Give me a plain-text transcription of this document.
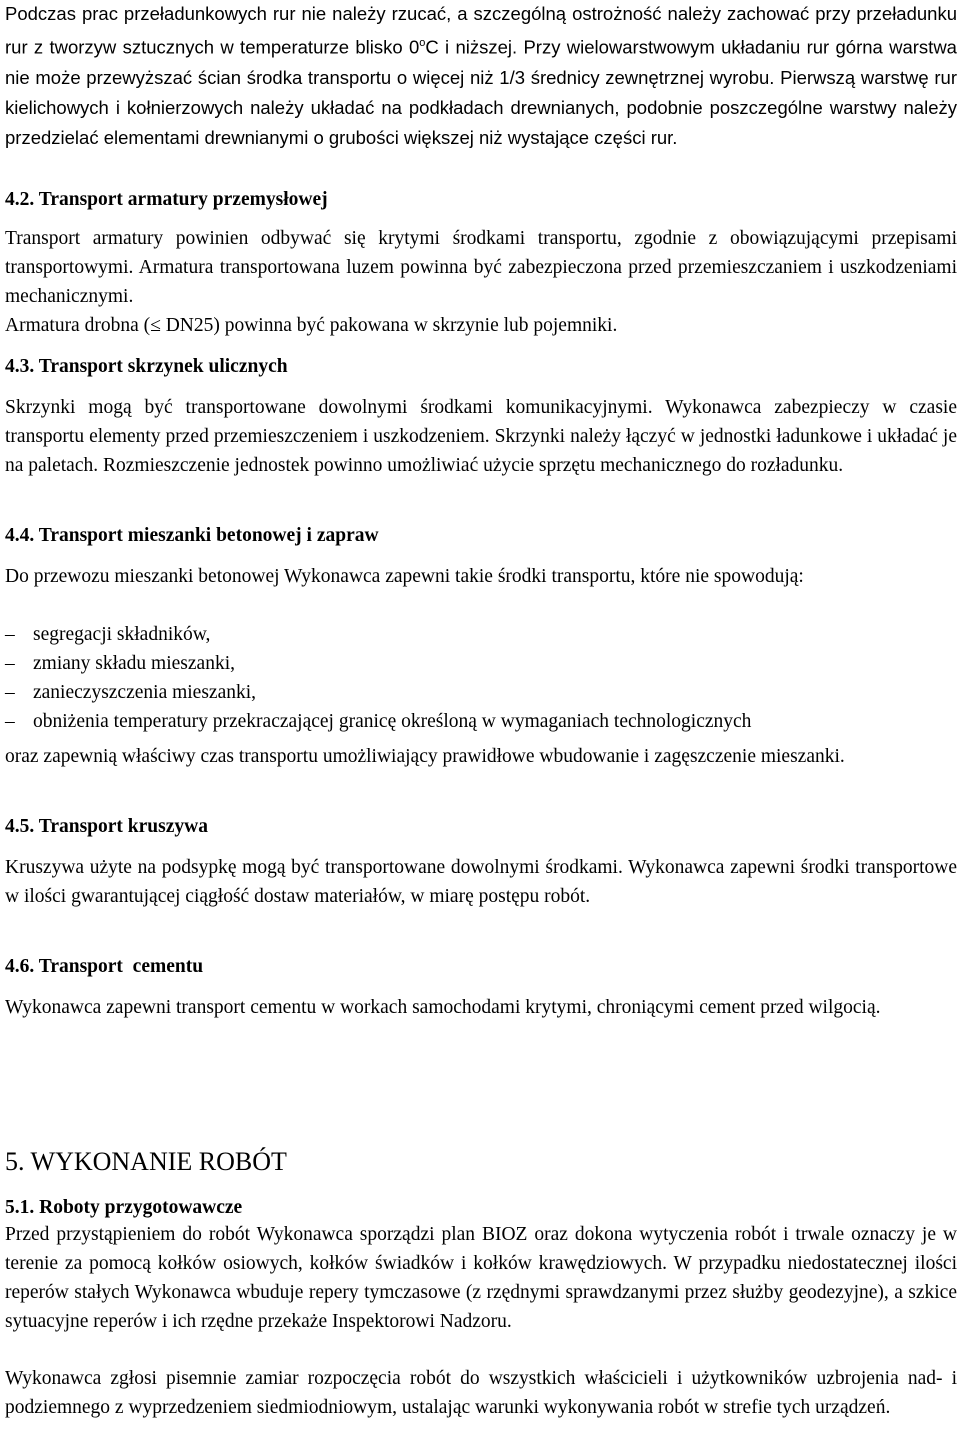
Podczas prac przeładunkowych rur nie należy rzucać, a szczególną ostrożność należy zachować przy przeładunku rur z tworzyw sztucznych w temperaturze blisko 0$^o$C i niższej. Przy wielowarstwowym układaniu rur górna warstwa nie może przewyższać ścian środka transportu o więcej niż 1/3 średnicy zewnętrznej wyrobu. Pierwszą warstwę rur kielichowych i kołnierzowych należy układać na podkładach drewnianych, podobnie poszczególne warstwy należy przedzielać elementami drewnianymi o grubości większej niż wystające części rur.

4.2. Transport armatury przemysłowej

Transport armatury powinien odbywać się krytymi środkami transportu, zgodnie z obowiązującymi przepisami transportowymi. Armatura transportowana luzem powinna być zabezpieczona przed przemieszczaniem i uszkodzeniami mechanicznymi.
Armatura drobna (≤ DN25) powinna być pakowana w skrzynie lub pojemniki.

4.3. Transport skrzynek ulicznych

Skrzynki mogą być transportowane dowolnymi środkami komunikacyjnymi. Wykonawca zabezpieczy w czasie transportu elementy przed przemieszczeniem i uszkodzeniem. Skrzynki należy łączyć w jednostki ładunkowe i układać je na paletach. Rozmieszczenie jednostek powinno umożliwiać użycie sprzętu mechanicznego do rozładunku.

4.4. Transport mieszanki betonowej i zapraw

Do przewozu mieszanki betonowej Wykonawca zapewni takie środki transportu, które nie spowodują:

– segregacji składników,
– zmiany składu mieszanki,
– zanieczyszczenia mieszanki,
– obniżenia temperatury przekraczającej granicę określoną w wymaganiach technologicznych

oraz zapewnią właściwy czas transportu umożliwiający prawidłowe wbudowanie i zagęszczenie mieszanki.

4.5. Transport kruszywa

Kruszywa użyte na podsypkę mogą być transportowane dowolnymi środkami. Wykonawca zapewni środki transportowe w ilości gwarantującej ciągłość dostaw materiałów, w miarę postępu robót.

4.6. Transport  cementu

Wykonawca zapewni transport cementu w workach samochodami krytymi, chroniącymi cement przed wilgocią.

5. WYKONANIE ROBÓT
5.1. Roboty przygotowawcze

Przed przystąpieniem do robót Wykonawca sporządzi plan BIOZ oraz dokona wytyczenia robót i trwale oznaczy je w terenie za pomocą kołków osiowych, kołków świadków i kołków krawędziowych. W przypadku niedostatecznej ilości reperów stałych Wykonawca wbuduje repery tymczasowe (z rzędnymi sprawdzanymi przez służby geodezyjne), a szkice sytuacyjne reperów i ich rzędne przekaże Inspektorowi Nadzoru.

Wykonawca zgłosi pisemnie zamiar rozpoczęcia robót do wszystkich właścicieli i użytkowników uzbrojenia nad- i podziemnego z wyprzedzeniem siedmiodniowym, ustalając warunki wykonywania robót w strefie tych urządzeń.
